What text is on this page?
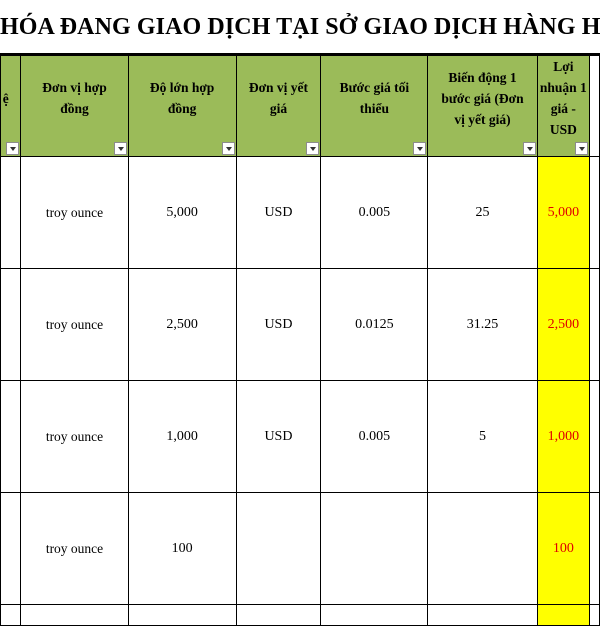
HÓA ĐANG GIAO DỊCH TẠI SỞ GIAO DỊCH HÀNG H
ệ	Đơn vị hợp đồng	Độ lớn hợp đồng	Đơn vị yết giá	Bước giá tối thiểu	Biến động 1 bước giá (Đơn vị yết giá)	Lợi nhuận 1 giá - USD	

	troy ounce	5,000	USD	0.005	25	5,000	
	troy ounce	2,500	USD	0.0125	31.25	2,500	
	troy ounce	1,000	USD	0.005	5	1,000	
	troy ounce	100				100	
